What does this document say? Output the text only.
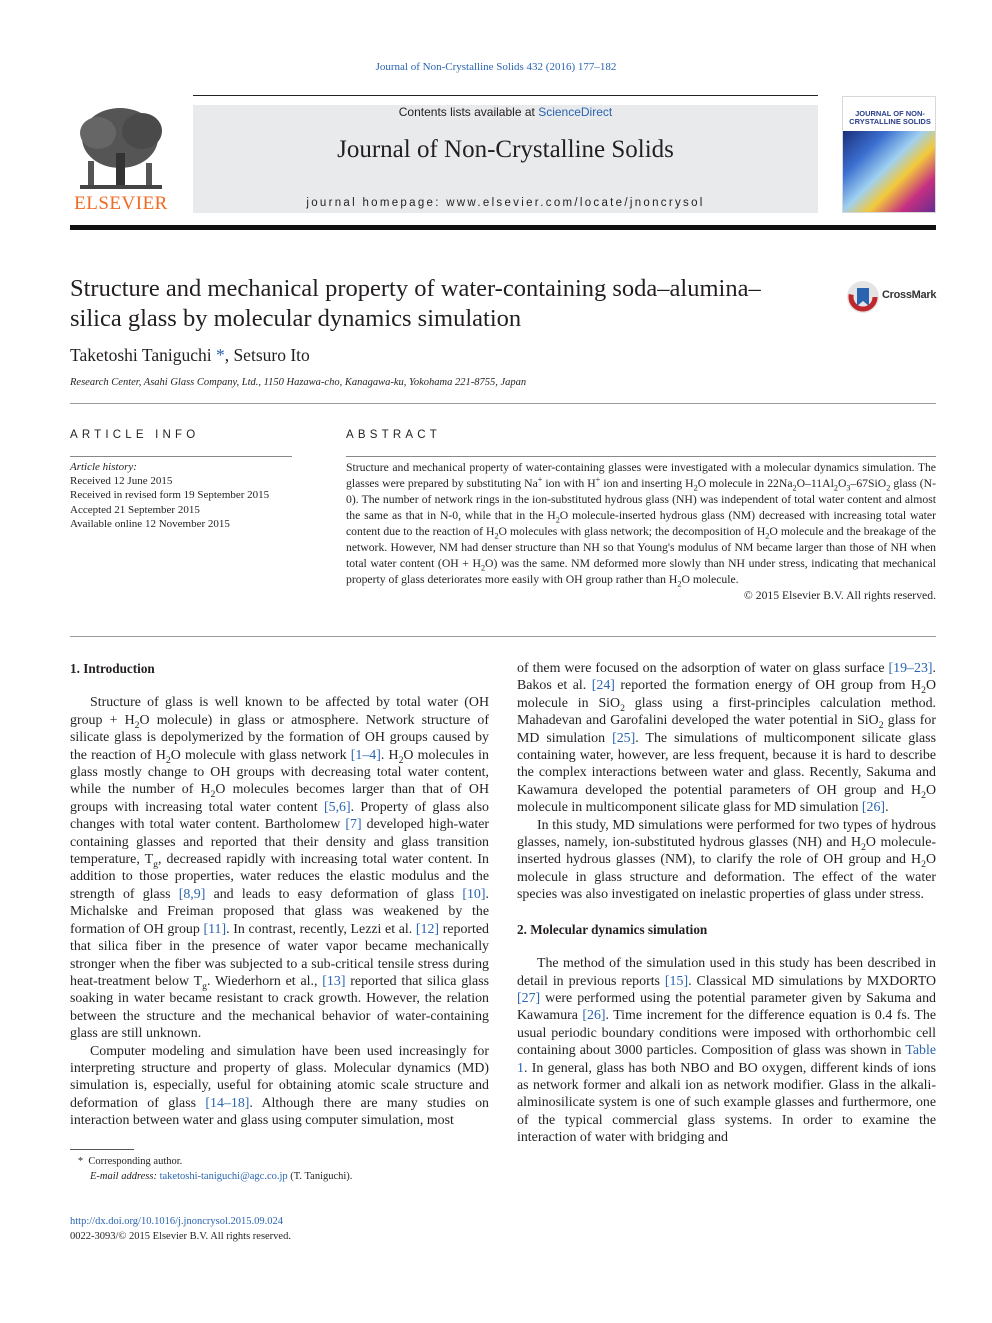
Journal of Non-Crystalline Solids 432 (2016) 177–182
ELSEVIER
Contents lists available at ScienceDirect
Journal of Non-Crystalline Solids
journal homepage: www.elsevier.com/locate/jnoncrysol
JOURNAL OF NON-CRYSTALLINE SOLIDS
Structure and mechanical property of water-containing soda–alumina–silica glass by molecular dynamics simulation
CrossMark
Taketoshi Taniguchi *, Setsuro Ito
Research Center, Asahi Glass Company, Ltd., 1150 Hazawa-cho, Kanagawa-ku, Yokohama 221-8755, Japan
ARTICLE INFO
Article history:
Received 12 June 2015
Received in revised form 19 September 2015
Accepted 21 September 2015
Available online 12 November 2015
ABSTRACT

Structure and mechanical property of water-containing glasses were investigated with a molecular dynamics simulation. The glasses were prepared by substituting Na+ ion with H+ ion and inserting $H_2O$ molecule in $22Na_2O-11Al_2O_3-67SiO_2$ glass (N-0). The number of network rings in the ion-substituted hydrous glass (NH) was independent of total water content and almost the same as that in N-0, while that in the $H_2O$ molecule-inserted hydrous glass (NM) decreased with increasing total water content due to the reaction of $H_2O$ molecules with glass network; the decomposition of $H_2O$ molecule and the breakage of the network. However, NM had denser structure than NH so that Young's modulus of NM became larger than those of NH when total water content $(OH + H_2O)$ was the same. NM deformed more slowly than NH under stress, indicating that mechanical property of glass deteriorates more easily with OH group rather than $H_2O$ molecule.

© 2015 Elsevier B.V. All rights reserved.

1. Introduction

Structure of glass is well known to be affected by total water (OH group + $H_2O$ molecule) in glass or atmosphere. Network structure of silicate glass is depolymerized by the formation of OH groups caused by the reaction of $H_2O$ molecule with glass network [1–4]. $H_2O$ molecules in glass mostly change to OH groups with decreasing total water content, while the number of $H_2O$ molecules becomes larger than that of OH groups with increasing total water content [5,6]. Property of glass also changes with total water content. Bartholomew [7] developed high-water containing glasses and reported that their density and glass transition temperature, $T_g$, decreased rapidly with increasing total water content. In addition to those properties, water reduces the elastic modulus and the strength of glass [8,9] and leads to easy deformation of glass [10]. Michalske and Freiman proposed that glass was weakened by the formation of OH group [11]. In contrast, recently, Lezzi et al. [12] reported that silica fiber in the presence of water vapor became mechanically stronger when the fiber was subjected to a sub-critical tensile stress during heat-treatment below $T_g$. Wiederhorn et al., [13] reported that silica glass soaking in water became resistant to crack growth. However, the relation between the structure and the mechanical behavior of water-containing glass are still unknown.

Computer modeling and simulation have been used increasingly for interpreting structure and property of glass. Molecular dynamics (MD) simulation is, especially, useful for obtaining atomic scale structure and deformation of glass [14–18]. Although there are many studies on interaction between water and glass using computer simulation, most

of them were focused on the adsorption of water on glass surface [19–23]. Bakos et al. [24] reported the formation energy of OH group from $H_2O$ molecule in SiO$_2$ glass using a first-principles calculation method. Mahadevan and Garofalini developed the water potential in SiO$_2$ glass for MD simulation [25]. The simulations of multicomponent silicate glass containing water, however, are less frequent, because it is hard to describe the complex interactions between water and glass. Recently, Sakuma and Kawamura developed the potential parameters of OH group and $H_2O$ molecule in multicomponent silicate glass for MD simulation [26].

In this study, MD simulations were performed for two types of hydrous glasses, namely, ion-substituted hydrous glasses (NH) and $H_2O$ molecule-inserted hydrous glasses (NM), to clarify the role of OH group and $H_2O$ molecule in glass structure and deformation. The effect of the water species was also investigated on inelastic properties of glass under stress.

2. Molecular dynamics simulation

The method of the simulation used in this study has been described in detail in previous reports [15]. Classical MD simulations by MXDORTO [27] were performed using the potential parameter given by Sakuma and Kawamura [26]. Time increment for the difference equation is 0.4 fs. The usual periodic boundary conditions were imposed with orthorhombic cell containing about 3000 particles. Composition of glass was shown in Table 1. In general, glass has both NBO and BO oxygen, different kinds of ions as network former and alkali ion as network modifier. Glass in the alkali-alminosilicate system is one of such example glasses and furthermore, one of the typical commercial glass systems. In order to examine the interaction of water with bridging and

* Corresponding author.
E-mail address: taketoshi-taniguchi@agc.co.jp (T. Taniguchi).
http://dx.doi.org/10.1016/j.jnoncrysol.2015.09.024
0022-3093/© 2015 Elsevier B.V. All rights reserved.
